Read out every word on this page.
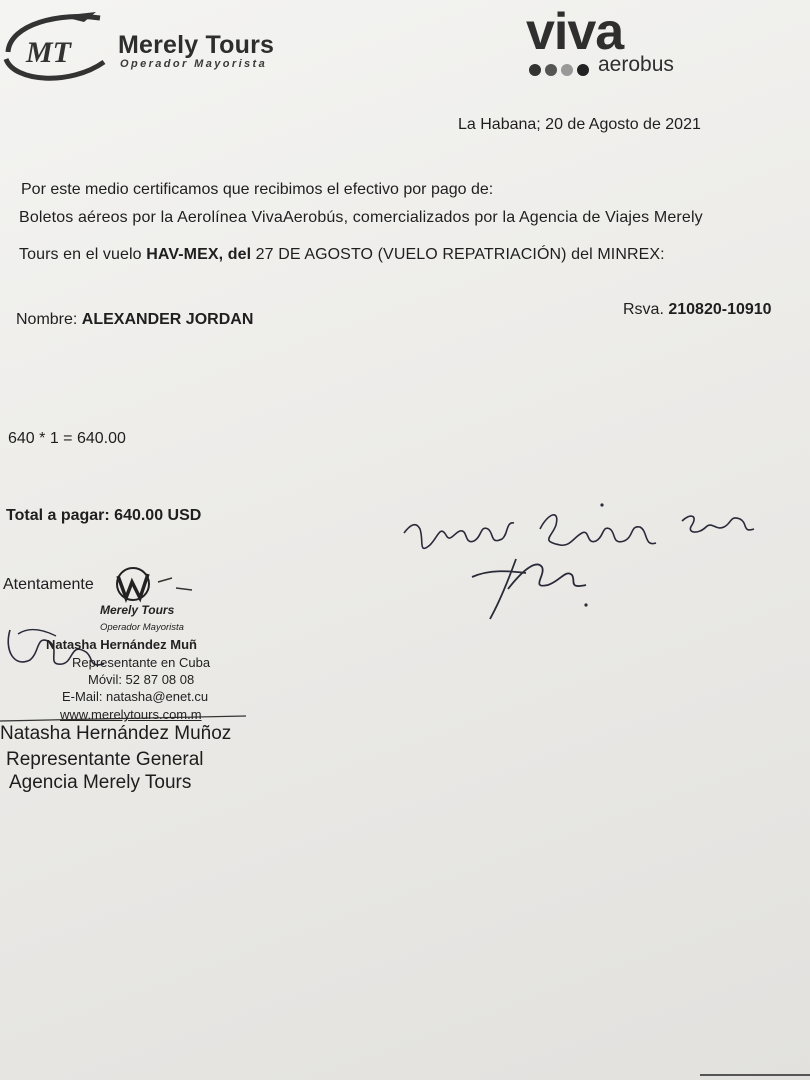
MT Merely Tours
Operador Mayorista
viva
aerobus
La Habana; 20 de Agosto de 2021
Por este medio certificamos que recibimos el efectivo por pago de:
Boletos aéreos por la Aerolínea VivaAerobús, comercializados por la Agencia de Viajes Merely
Tours en el vuelo HAV-MEX, del 27 DE AGOSTO (VUELO REPATRIACIÓN) del MINREX:
Nombre: ALEXANDER JORDAN
Rsva. 210820-10910
640 * 1 = 640.00
Total a pagar: 640.00 USD
Atentamente
Merely Tours
Operador Mayorista
Natasha Hernández Muñ
Representante en Cuba
Móvil: 52 87 08 08
E-Mail: natasha@enet.cu
www.merelytours.com.m
Natasha Hernández Muñoz
Representante General
Agencia Merely Tours
